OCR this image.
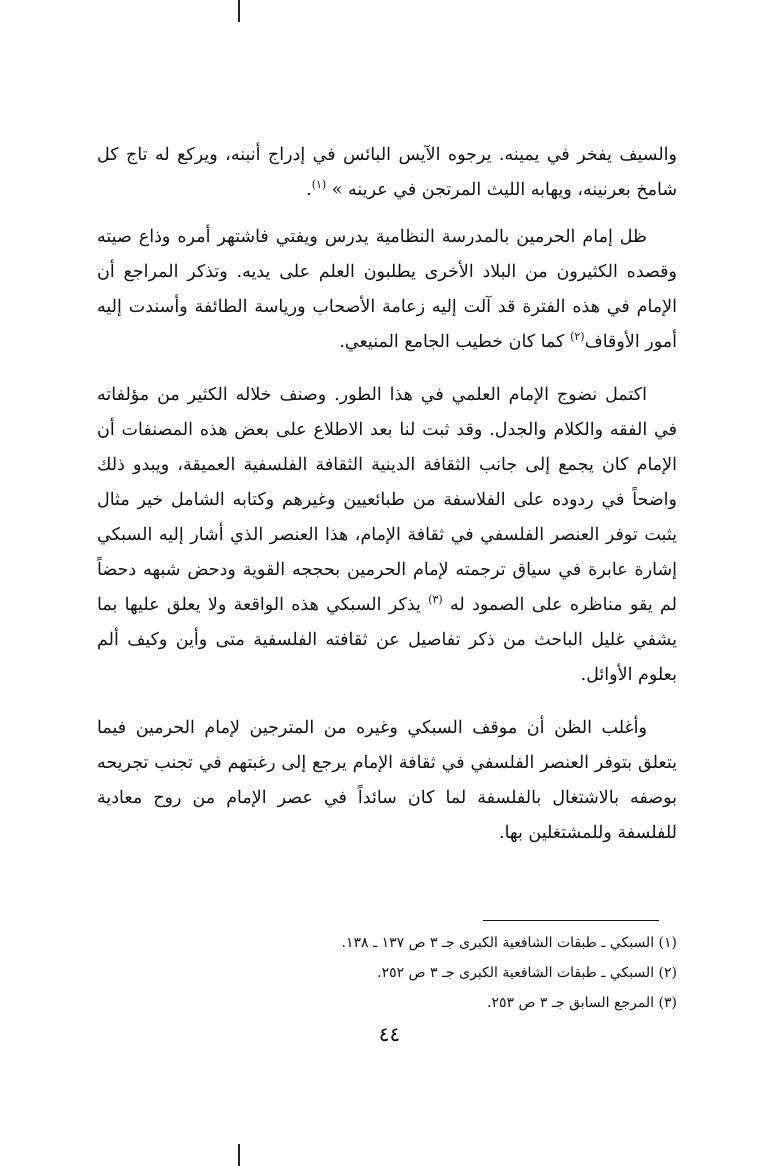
والسيف يفخر في يمينه. يرجوه الآيس البائس في إدراج أنبنه، ويركع له تاج كل شامخ بعرنينه، ويهابه الليث المرتجن في عرينه » $^{(١)}$.

ظل إمام الحرمين بالمدرسة النظامية يدرس ويفتي فاشتهر أمره وذاع صيته وقصده الكثيرون من البلاد الأخرى يطلبون العلم على يديه. وتذكر المراجع أن الإمام في هذه الفترة قد آلت إليه زعامة الأصحاب ورياسة الطائفة وأسندت إليه أمور الأوقاف$^{(٢)}$ كما كان خطيب الجامع المنيعي.

اكتمل نضوج الإمام العلمي في هذا الطور. وصنف خلاله الكثير من مؤلفاته في الفقه والكلام والجدل. وقد ثبت لنا بعد الاطلاع على بعض هذه المصنفات أن الإمام كان يجمع إلى جانب الثقافة الدينية الثقافة الفلسفية العميقة، ويبدو ذلك واضحاً في ردوده على الفلاسفة من طبائعيين وغيرهم وكتابه الشامل خير مثال يثبت توفر العنصر الفلسفي في ثقافة الإمام، هذا العنصر الذي أشار إليه السبكي إشارة عابرة في سياق ترجمته لإمام الحرمين بحججه القوية ودحض شبهه دحضاً لم يقو مناظره على الصمود له $^{(٣)}$ يذكر السبكي هذه الواقعة ولا يعلق عليها بما يشفي غليل الباحث من ذكر تفاصيل عن ثقافته الفلسفية متى وأين وكيف ألم بعلوم الأوائل.

وأغلب الظن أن موقف السبكي وغيره من المترجين لإمام الحرمين فيما يتعلق بتوفر العنصر الفلسفي في ثقافة الإمام يرجع إلى رغبتهم في تجنب تجريحه بوصفه بالاشتغال بالفلسفة لما كان سائداً في عصر الإمام من روح معادية للفلسفة وللمشتغلين بها.

(١) السبكي ـ طبقات الشافعية الكبرى جـ ٣ ص ١٣٧ ـ ١٣٨.

(٢) السبكي ـ طبقات الشافعية الكبرى جـ ٣ ص ٢٥٢.

(٣) المرجع السابق جـ ٣ ص ٢٥٣.

٤٤
